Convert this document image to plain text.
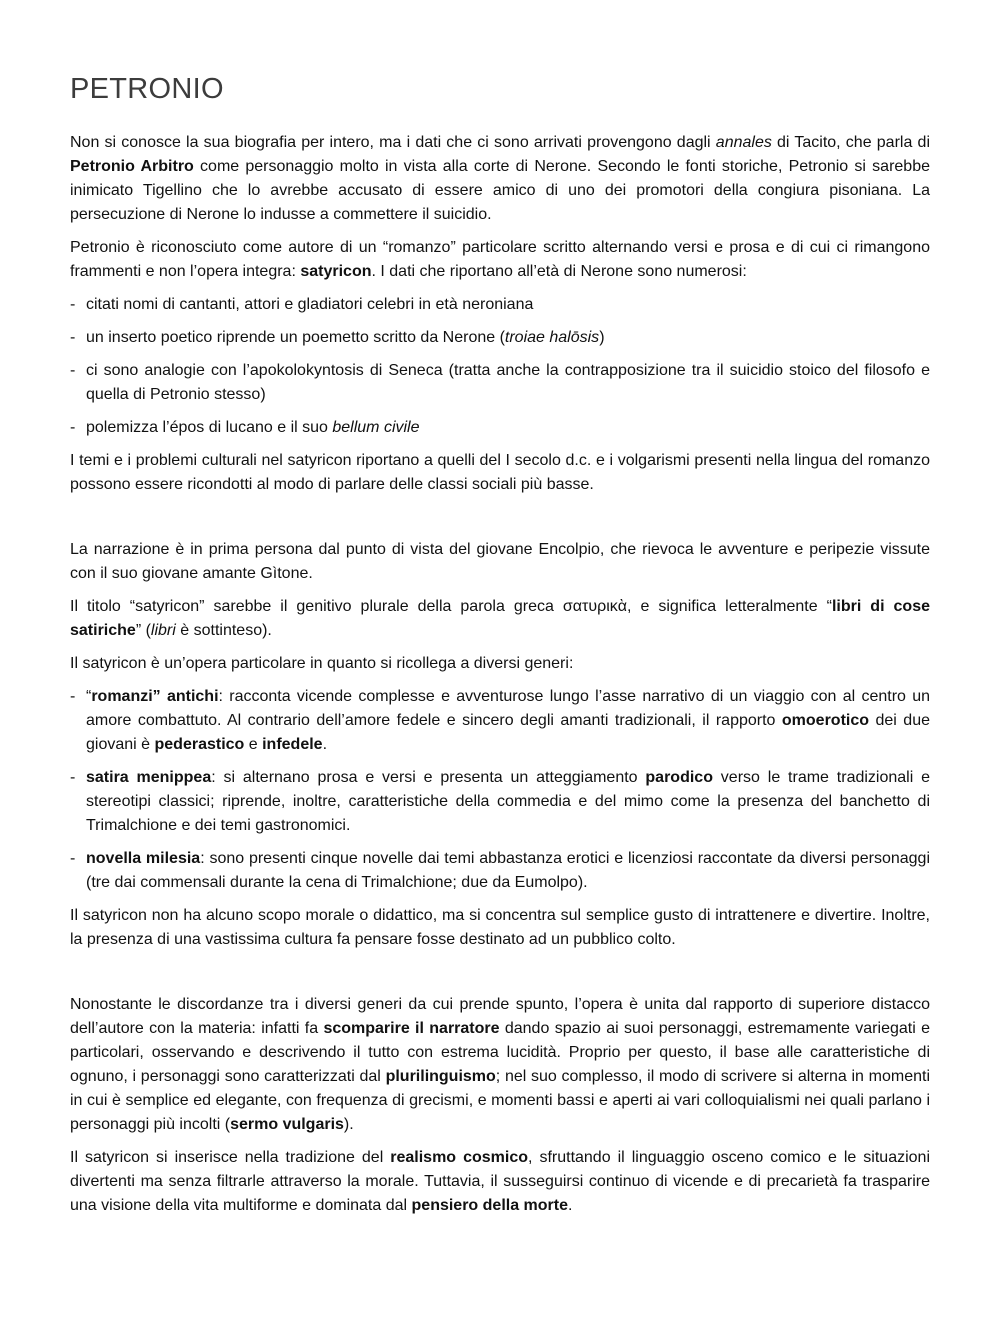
PETRONIO

Non si conosce la sua biografia per intero, ma i dati che ci sono arrivati provengono dagli annales di Tacito, che parla di Petronio Arbitro come personaggio molto in vista alla corte di Nerone. Secondo le fonti storiche, Petronio si sarebbe inimicato Tigellino che lo avrebbe accusato di essere amico di uno dei promotori della congiura pisoniana. La persecuzione di Nerone lo indusse a commettere il suicidio.

Petronio è riconosciuto come autore di un “romanzo” particolare scritto alternando versi e prosa e di cui ci rimangono frammenti e non l’opera integra: satyricon. I dati che riportano all’età di Nerone sono numerosi:

- citati nomi di cantanti, attori e gladiatori celebri in età neroniana
- un inserto poetico riprende un poemetto scritto da Nerone (troiae halōsis)
- ci sono analogie con l’apokolokyntosis di Seneca (tratta anche la contrapposizione tra il suicidio stoico del filosofo e quella di Petronio stesso)
- polemizza l’épos di lucano e il suo bellum civile

I temi e i problemi culturali nel satyricon riportano a quelli del I secolo d.c. e i volgarismi presenti nella lingua del romanzo possono essere ricondotti al modo di parlare delle classi sociali più basse.

La narrazione è in prima persona dal punto di vista del giovane Encolpio, che rievoca le avventure e peripezie vissute con il suo giovane amante Gìtone.

Il titolo “satyricon” sarebbe il genitivo plurale della parola greca σατυρικὰ, e significa letteralmente “libri di cose satiriche” (libri è sottinteso).

Il satyricon è un’opera particolare in quanto si ricollega a diversi generi:

- “romanzi” antichi: racconta vicende complesse e avventurose lungo l’asse narrativo di un viaggio con al centro un amore combattuto. Al contrario dell’amore fedele e sincero degli amanti tradizionali, il rapporto omoerotico dei due giovani è pederastico e infedele.
- satira menippea: si alternano prosa e versi e presenta un atteggiamento parodico verso le trame tradizionali e stereotipi classici; riprende, inoltre, caratteristiche della commedia e del mimo come la presenza del banchetto di Trimalchione e dei temi gastronomici.
- novella milesia: sono presenti cinque novelle dai temi abbastanza erotici e licenziosi raccontate da diversi personaggi (tre dai commensali durante la cena di Trimalchione; due da Eumolpo).

Il satyricon non ha alcuno scopo morale o didattico, ma si concentra sul semplice gusto di intrattenere e divertire. Inoltre, la presenza di una vastissima cultura fa pensare fosse destinato ad un pubblico colto.

Nonostante le discordanze tra i diversi generi da cui prende spunto, l’opera è unita dal rapporto di superiore distacco dell’autore con la materia: infatti fa scomparire il narratore dando spazio ai suoi personaggi, estremamente variegati e particolari, osservando e descrivendo il tutto con estrema lucidità. Proprio per questo, il base alle caratteristiche di ognuno, i personaggi sono caratterizzati dal plurilinguismo; nel suo complesso, il modo di scrivere si alterna in momenti in cui è semplice ed elegante, con frequenza di grecismi, e momenti bassi e aperti ai vari colloquialismi nei quali parlano i personaggi più incolti (sermo vulgaris).

Il satyricon si inserisce nella tradizione del realismo cosmico, sfruttando il linguaggio osceno comico e le situazioni divertenti ma senza filtrarle attraverso la morale. Tuttavia, il susseguirsi continuo di vicende e di precarietà fa trasparire una visione della vita multiforme e dominata dal pensiero della morte.
